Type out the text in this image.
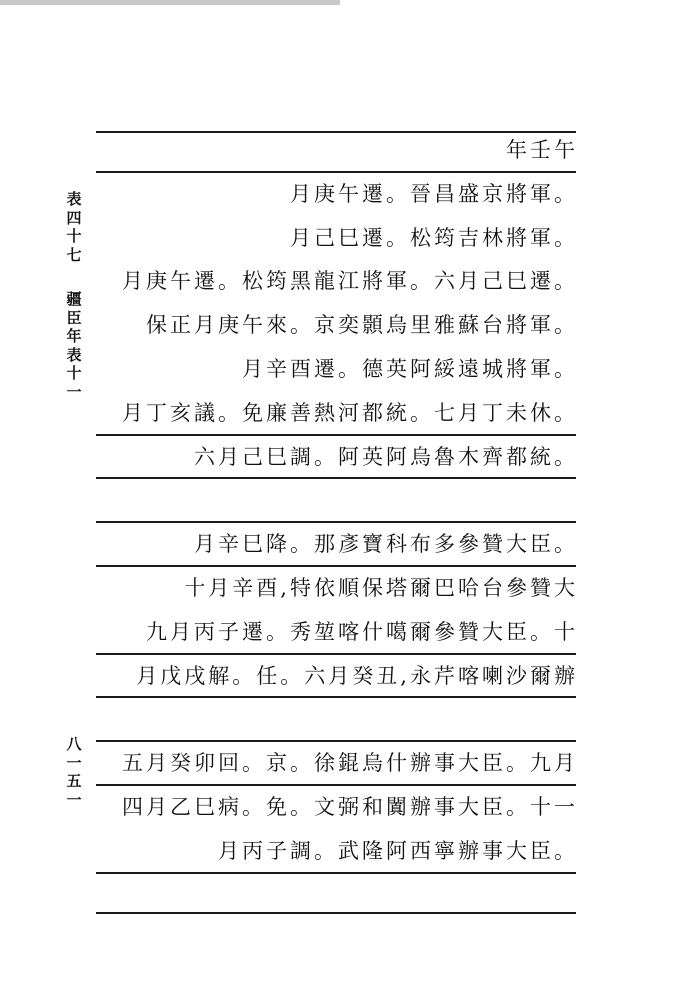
表四十七
疆臣年表十一
八一五一
年壬午
月庚午遷。晉昌盛京將軍。
月己巳遷。松筠吉林將軍。
月庚午遷。松筠黑龍江將軍。六月己巳遷。
保正月庚午來。京奕顥烏里雅蘇台將軍。
月辛酉遷。德英阿綏遠城將軍。
月丁亥議。免廉善熱河都統。七月丁未休。
六月己巳調。阿英阿烏魯木齊都統。
月辛巳降。那彥寶科布多參贊大臣。
十月辛酉,特依順保塔爾巴哈台參贊大
九月丙子遷。秀堃喀什噶爾參贊大臣。十
月戊戌解。任。六月癸丑,永芹喀喇沙爾辦
五月癸卯回。京。徐錕烏什辦事大臣。九月
四月乙巳病。免。文弼和闐辦事大臣。十一
月丙子調。武隆阿西寧辦事大臣。
